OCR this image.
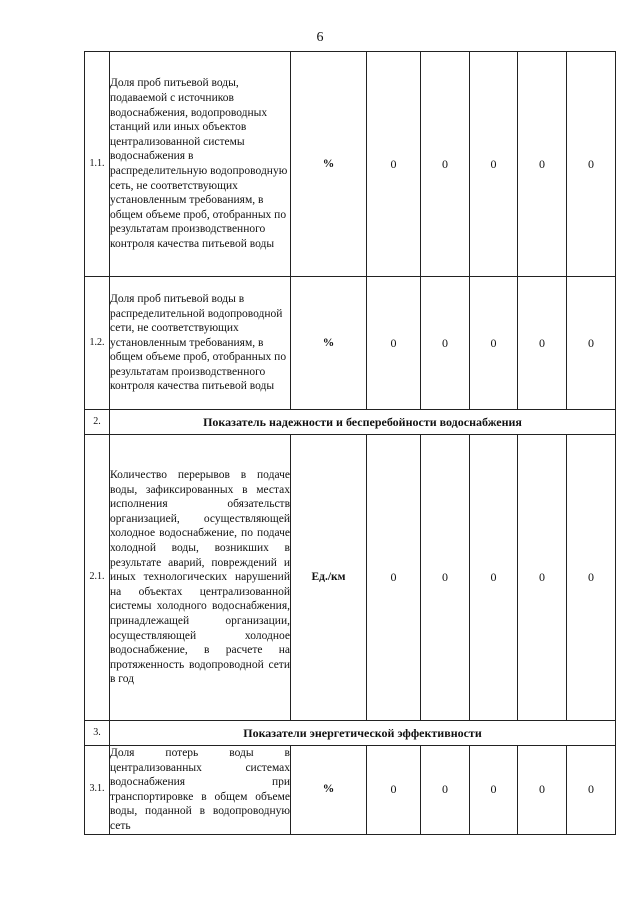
6
1.1.	Доля проб питьевой воды, подаваемой с источников водоснабжения, водопроводных станций или иных объектов централизованной системы водоснабжения в распределительную водопроводную сеть, не соответствующих установленным требованиям, в общем объеме проб, отобранных по результатам производственного контроля качества питьевой воды	%	0	0	0	0	0
1.2.	Доля проб питьевой воды в распределительной водопроводной сети, не соответствующих установленным требованиям, в общем объеме проб, отобранных по результатам производственного контроля качества питьевой воды	%	0	0	0	0	0
2.	Показатель надежности и бесперебойности водоснабжения						
2.1.	Количество перерывов в подаче воды, зафиксированных в местах исполнения обязательств организацией, осуществляющей холодное водоснабжение, по подаче холодной воды, возникших в результате аварий, повреждений и иных технологических нарушений на объектах централизованной системы холодного водоснабжения, принадлежащей организации, осуществляющей холодное водоснабжение, в расчете на протяженность водопроводной сети в год	Ед./км	0	0	0	0	0
3.	Показатели энергетической эффективности						
3.1.	Доля потерь воды в централизованных системах водоснабжения при транспортировке в общем объеме воды, поданной в водопроводную сеть	%	0	0	0	0	0
